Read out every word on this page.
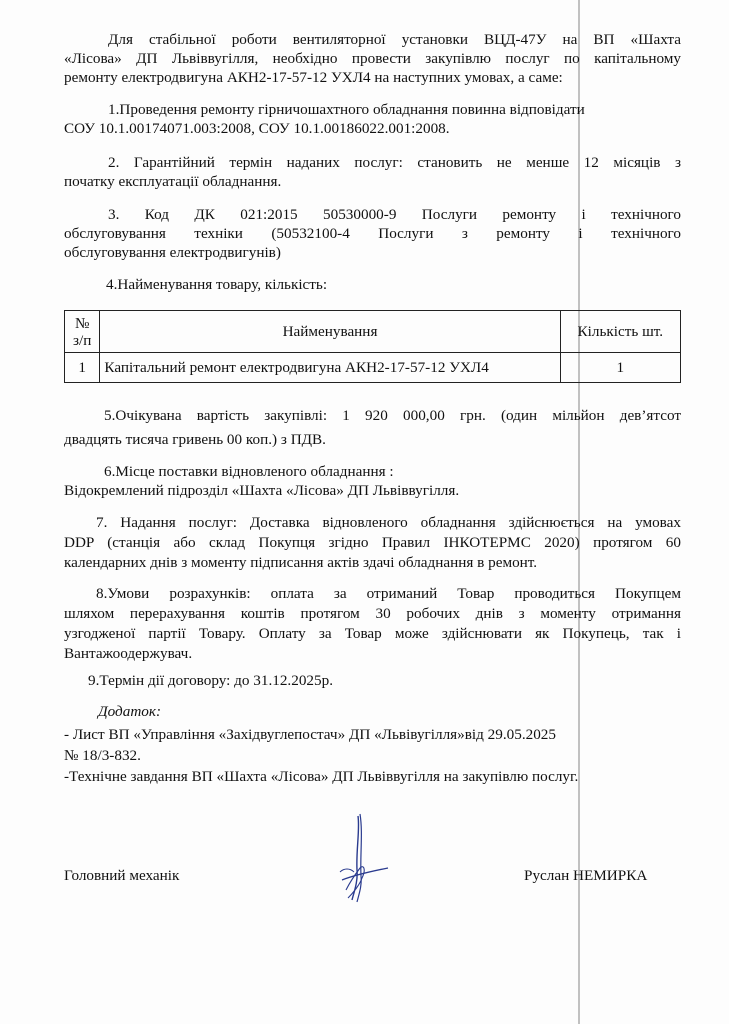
Для стабільної роботи вентиляторної установки ВЦД-47У на ВП «Шахта
«Лісова» ДП Львіввугілля, необхідно провести закупівлю послуг по капітальному
ремонту електродвигуна АКН2-17-57-12 УХЛ4 на наступних умовах, а саме:
1.Проведення ремонту гірничошахтного обладнання повинна відповідати
СОУ 10.1.00174071.003:2008, СОУ 10.1.00186022.001:2008.
2. Гарантійний термін наданих послуг: становить не менше 12 місяців з
початку експлуатації обладнання.
3. Код ДК 021:2015 50530000-9 Послуги ремонту і технічного
обслуговування техніки (50532100-4 Послуги з ремонту і технічного
обслуговування електродвигунів)
4.Найменування товару, кількість:
№
з/п	Найменування	Кількість шт.
1	Капітальний ремонт електродвигуна АКН2-17-57-12 УХЛ4	1
5.Очікувана вартість закупівлі: 1 920 000,00 грн. (один мільйон дев’ятсот
двадцять тисяча гривень 00 коп.) з ПДВ.
6.Місце поставки відновленого обладнання :
Відокремлений підрозділ «Шахта «Лісова» ДП Львіввугілля.
7. Надання послуг: Доставка відновленого обладнання здійснюється на умовах
DDP (станція або склад Покупця згідно Правил ІНКОТЕРМС 2020) протягом 60
календарних днів з моменту підписання актів здачі обладнання в ремонт.
8.Умови розрахунків: оплата за отриманий Товар проводиться Покупцем
шляхом перерахування коштів протягом 30 робочих днів з моменту отримання
узгодженої партії Товару. Оплату за Товар може здійснювати як Покупець, так і
Вантажоодержувач.
9.Термін дії договору: до 31.12.2025р.
Додаток:
- Лист ВП «Управління «Західвуглепостач» ДП «Львівугілля»від 29.05.2025
№ 18/3-832.
-Технічне завдання ВП «Шахта «Лісова» ДП Львіввугілля на закупівлю послуг.
Головний механік	Руслан НЕМИРКА
